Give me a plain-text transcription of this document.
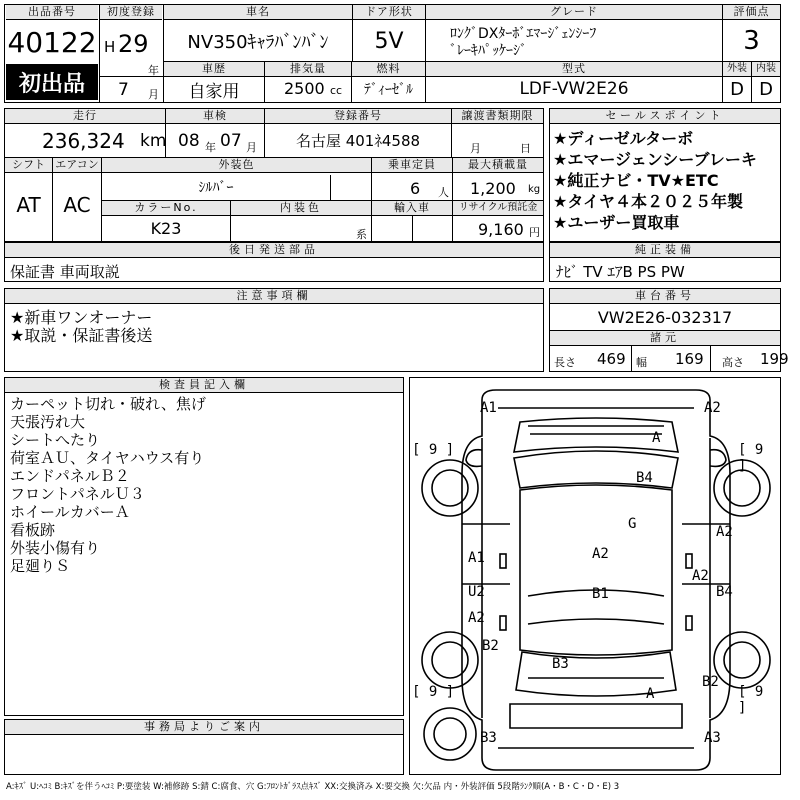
出品番号
40122
初出品
初度登録
H 29
年
7 月
車名
NV350ｷｬﾗﾊﾞﾝﾊﾞﾝ
ドア形状
5V
グレード
ﾛﾝｸﾞDXﾀｰﾎﾞｴﾏｰｼﾞｪﾝｼｰﾌ
ﾞﾚｰｷﾊﾟｯｹｰｼﾞ
評価点
3
外装 内装
D D
車歴
自家用
排気量
2500 cc
燃料
ﾃﾞｨｰｾﾞﾙ
型式
LDF-VW2E26
走行
236,324 km
車検
08 年 07 月
登録番号
名古屋 401ﾈ4588
譲渡書類期限
月	日
シフト
AT
エアコン
AC
外装色
ｼﾙﾊﾞｰ
乗車定員
6 人
最大積載量
1,200 kg
カラーNo.
K23
内装色
系
輸入車	リサイクル預託金
9,160 円
後日発送部品
保証書 車両取説
セールスポイント
★ディーゼルターボ
★エマージェンシーブレーキ
★純正ナビ・TV★ETC
★タイヤ４本２０２５年製
★ユーザー買取車
純正装備
ﾅﾋﾞ TV ｴｱB PS PW
注意事項欄
★新車ワンオーナー
★取説・保証書後送
車台番号
VW2E26-032317
諸元
長さ 469 幅 169 高さ 199
検査員記入欄
カーペット切れ・破れ、焦げ
天張汚れ大
シートへたり
荷室ＡＵ、タイヤハウス有り
エンドパネルＢ２
フロントパネルＵ３
ホイールカバーＡ
看板跡
外装小傷有り
足廻りＳ
事務局よりご案内
[ 9 ]	[ 9 ]
[ 9 ]	[ 9 ]
A1	A2
A
B4
G
A2
A1
A2
A2
U2	B1	B4
A2
B2
B3
B2
A
B3	A3
A:ｷｽﾞ U:ﾍｺﾐ B:ｷｽﾞを伴うﾍｺﾐ P:要塗装 W:補修跡 S:錆 C:腐食、穴 G:ﾌﾛﾝﾄｶﾞﾗｽ点ｷｽﾞ XX:交換済み X:要交換 欠:欠品 内・外装評価 5段階ﾗﾝｸ順(A・B・C・D・E) 3
